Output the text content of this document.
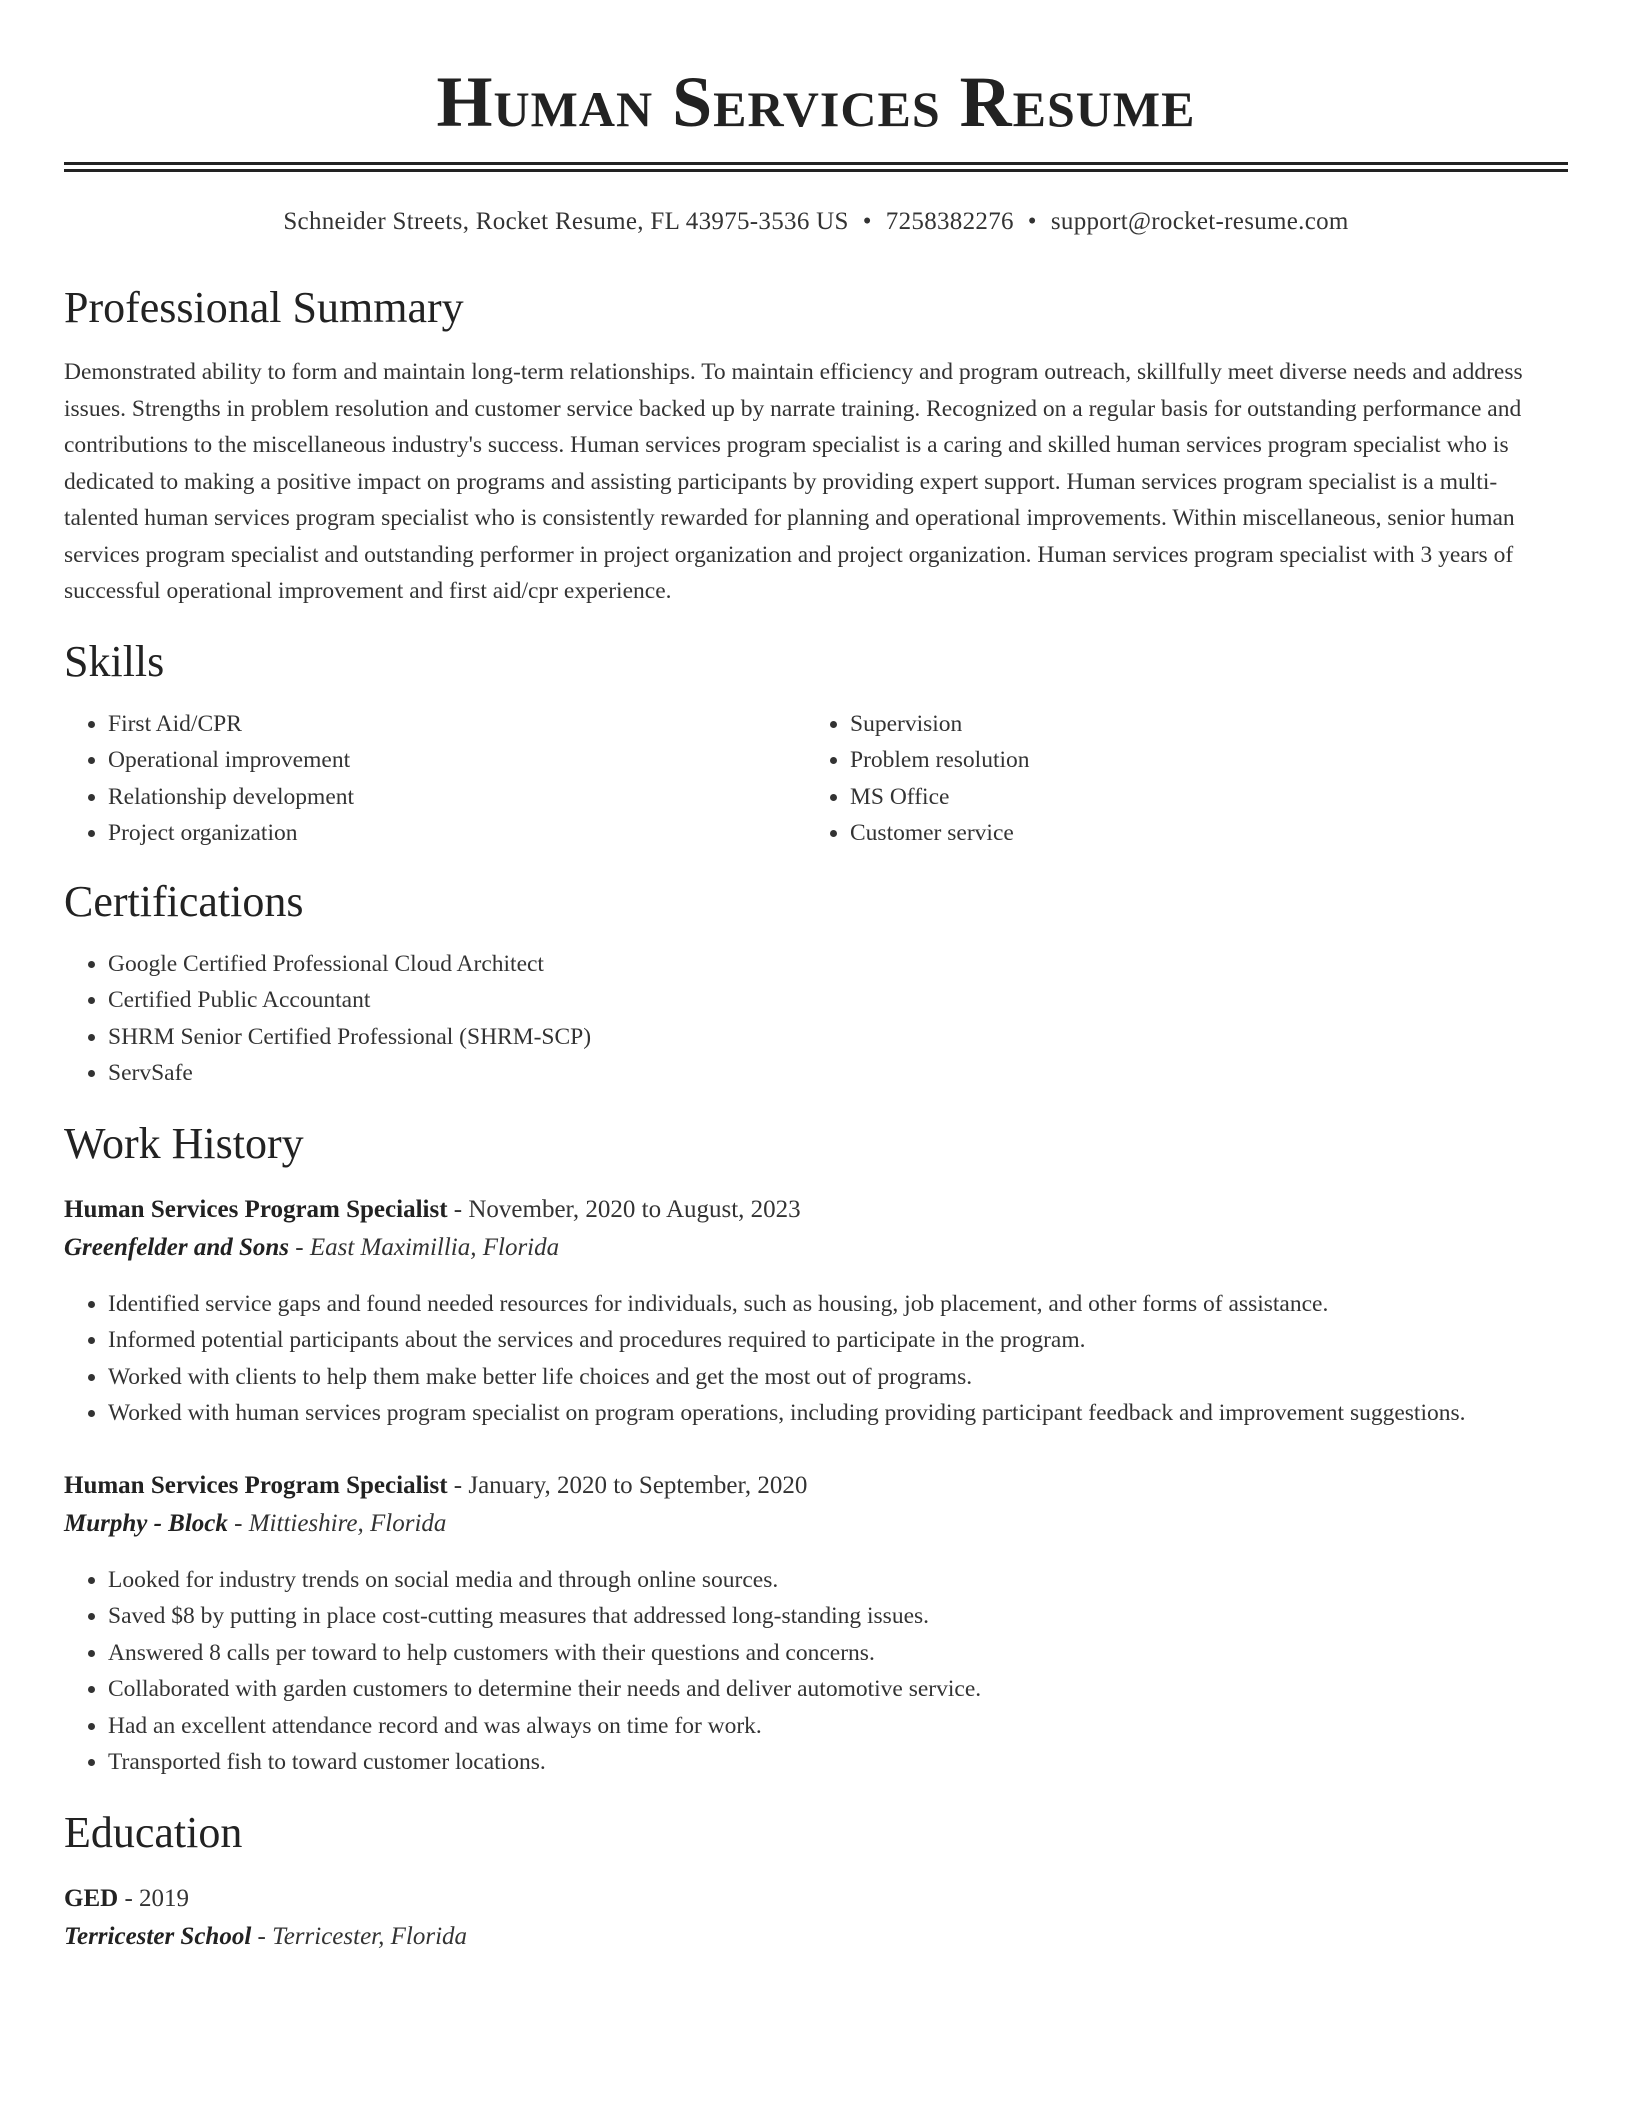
Human Services Resume
Schneider Streets, Rocket Resume, FL 43975-3536 US • 7258382276 • support@rocket-resume.com
Professional Summary

Demonstrated ability to form and maintain long-term relationships. To maintain efficiency and program outreach, skillfully meet diverse needs and address issues. Strengths in problem resolution and customer service backed up by narrate training. Recognized on a regular basis for outstanding performance and contributions to the miscellaneous industry's success. Human services program specialist is a caring and skilled human services program specialist who is dedicated to making a positive impact on programs and assisting participants by providing expert support. Human services program specialist is a multi-talented human services program specialist who is consistently rewarded for planning and operational improvements. Within miscellaneous, senior human services program specialist and outstanding performer in project organization and project organization. Human services program specialist with 3 years of successful operational improvement and first aid/cpr experience.

Skills
• First Aid/CPR
• Operational improvement
• Relationship development
• Project organization
• Supervision
• Problem resolution
• MS Office
• Customer service
Certifications
• Google Certified Professional Cloud Architect
• Certified Public Accountant
• SHRM Senior Certified Professional (SHRM-SCP)
• ServSafe
Work History
Human Services Program Specialist - November, 2020 to August, 2023
Greenfelder and Sons - East Maximillia, Florida
• Identified service gaps and found needed resources for individuals, such as housing, job placement, and other forms of assistance.
• Informed potential participants about the services and procedures required to participate in the program.
• Worked with clients to help them make better life choices and get the most out of programs.
• Worked with human services program specialist on program operations, including providing participant feedback and improvement suggestions.
Human Services Program Specialist - January, 2020 to September, 2020
Murphy - Block - Mittieshire, Florida
• Looked for industry trends on social media and through online sources.
• Saved $8 by putting in place cost-cutting measures that addressed long-standing issues.
• Answered 8 calls per toward to help customers with their questions and concerns.
• Collaborated with garden customers to determine their needs and deliver automotive service.
• Had an excellent attendance record and was always on time for work.
• Transported fish to toward customer locations.
Education
GED - 2019
Terricester School - Terricester, Florida
